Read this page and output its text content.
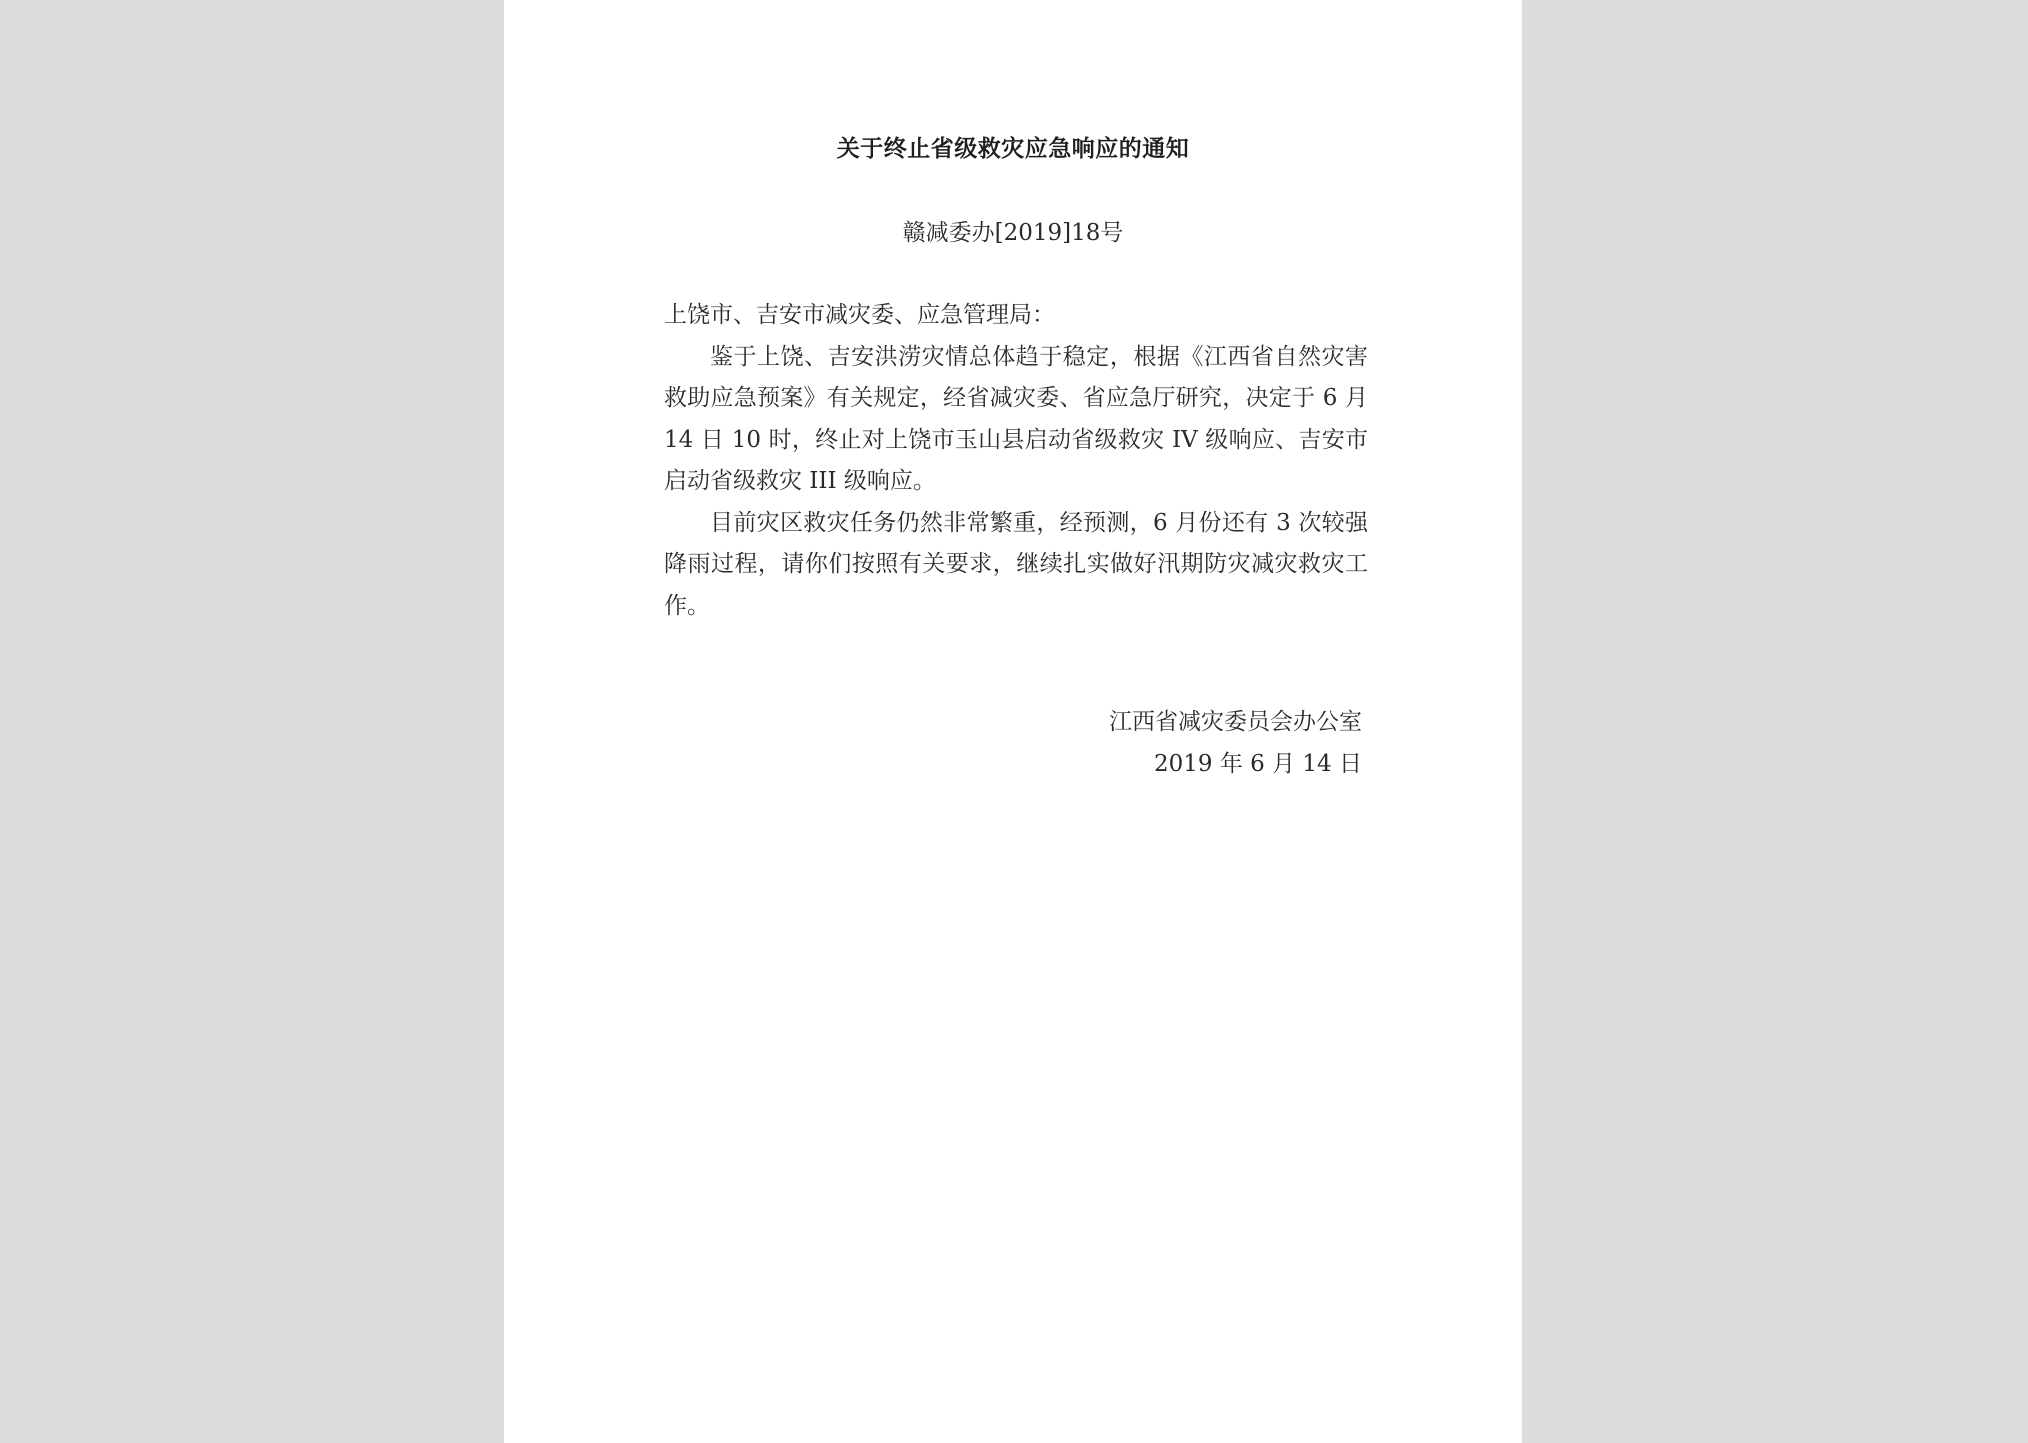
关于终止省级救灾应急响应的通知
赣减委办[2019]18号

上饶市、吉安市减灾委、应急管理局：

鉴于上饶、吉安洪涝灾情总体趋于稳定，根据《江西省自然灾害救助应急预案》有关规定，经省减灾委、省应急厅研究，决定于 6 月 14 日 10 时，终止对上饶市玉山县启动省级救灾 IV 级响应、吉安市启动省级救灾 III 级响应。

目前灾区救灾任务仍然非常繁重，经预测，6 月份还有 3 次较强降雨过程，请你们按照有关要求，继续扎实做好汛期防灾减灾救灾工作。

江西省减灾委员会办公室
2019 年 6 月 14 日
